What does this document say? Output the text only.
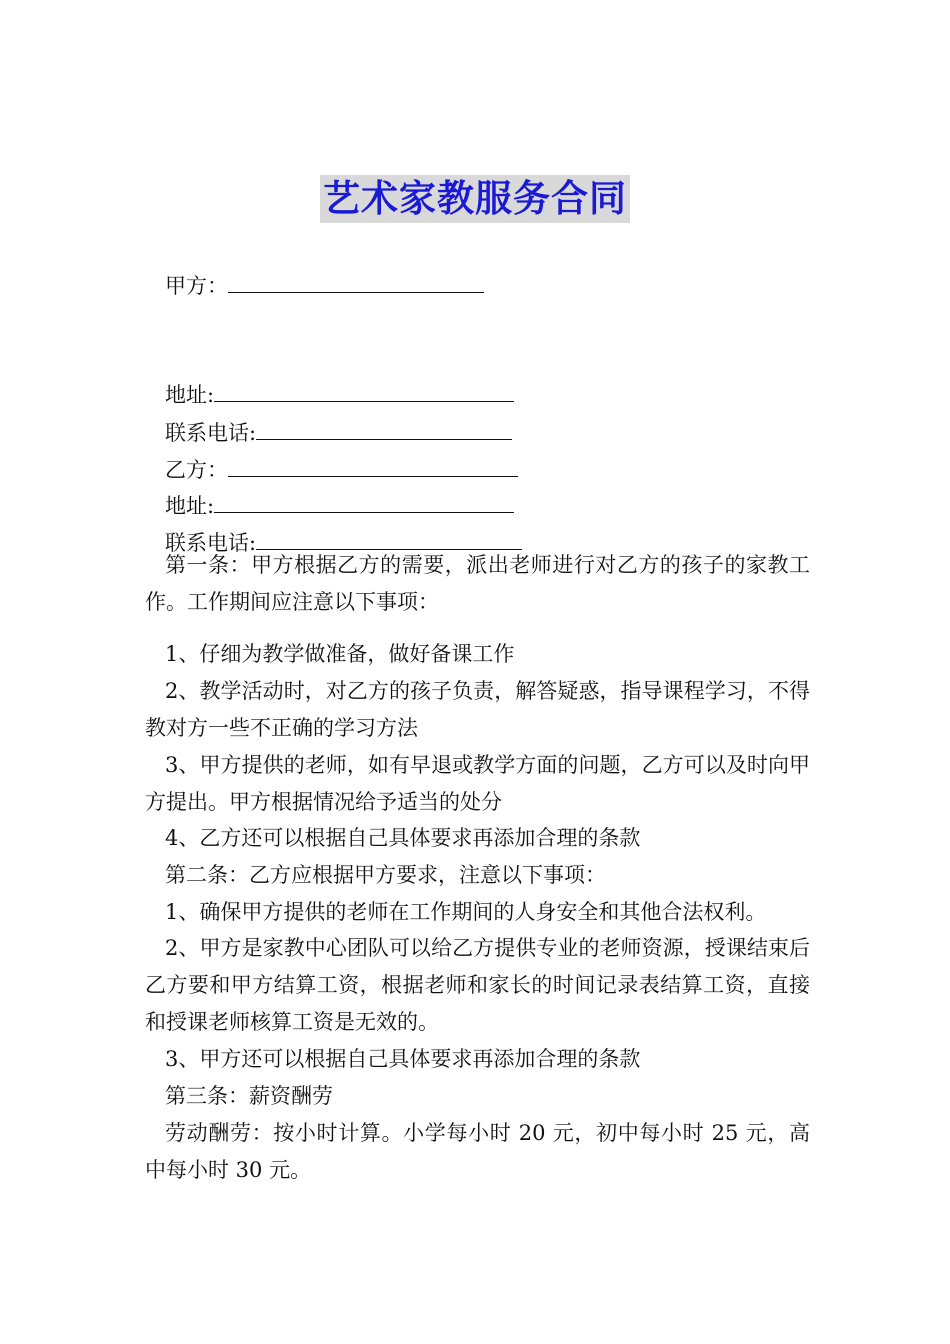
艺术家教服务合同
甲方：
地址:
联系电话:
乙方：
地址:
联系电话:

第一条：甲方根据乙方的需要，派出老师进行对乙方的孩子的家教工作。工作期间应注意以下事项：

1、仔细为教学做准备，做好备课工作

2、教学活动时，对乙方的孩子负责，解答疑惑，指导课程学习，不得教对方一些不正确的学习方法

3、甲方提供的老师，如有早退或教学方面的问题，乙方可以及时向甲方提出。甲方根据情况给予适当的处分

4、乙方还可以根据自己具体要求再添加合理的条款

第二条：乙方应根据甲方要求，注意以下事项：

1、确保甲方提供的老师在工作期间的人身安全和其他合法权利。

2、甲方是家教中心团队可以给乙方提供专业的老师资源，授课结束后乙方要和甲方结算工资，根据老师和家长的时间记录表结算工资，直接和授课老师核算工资是无效的。

3、甲方还可以根据自己具体要求再添加合理的条款

第三条：薪资酬劳

劳动酬劳：按小时计算。小学每小时 20 元，初中每小时 25 元，高中每小时 30 元。
